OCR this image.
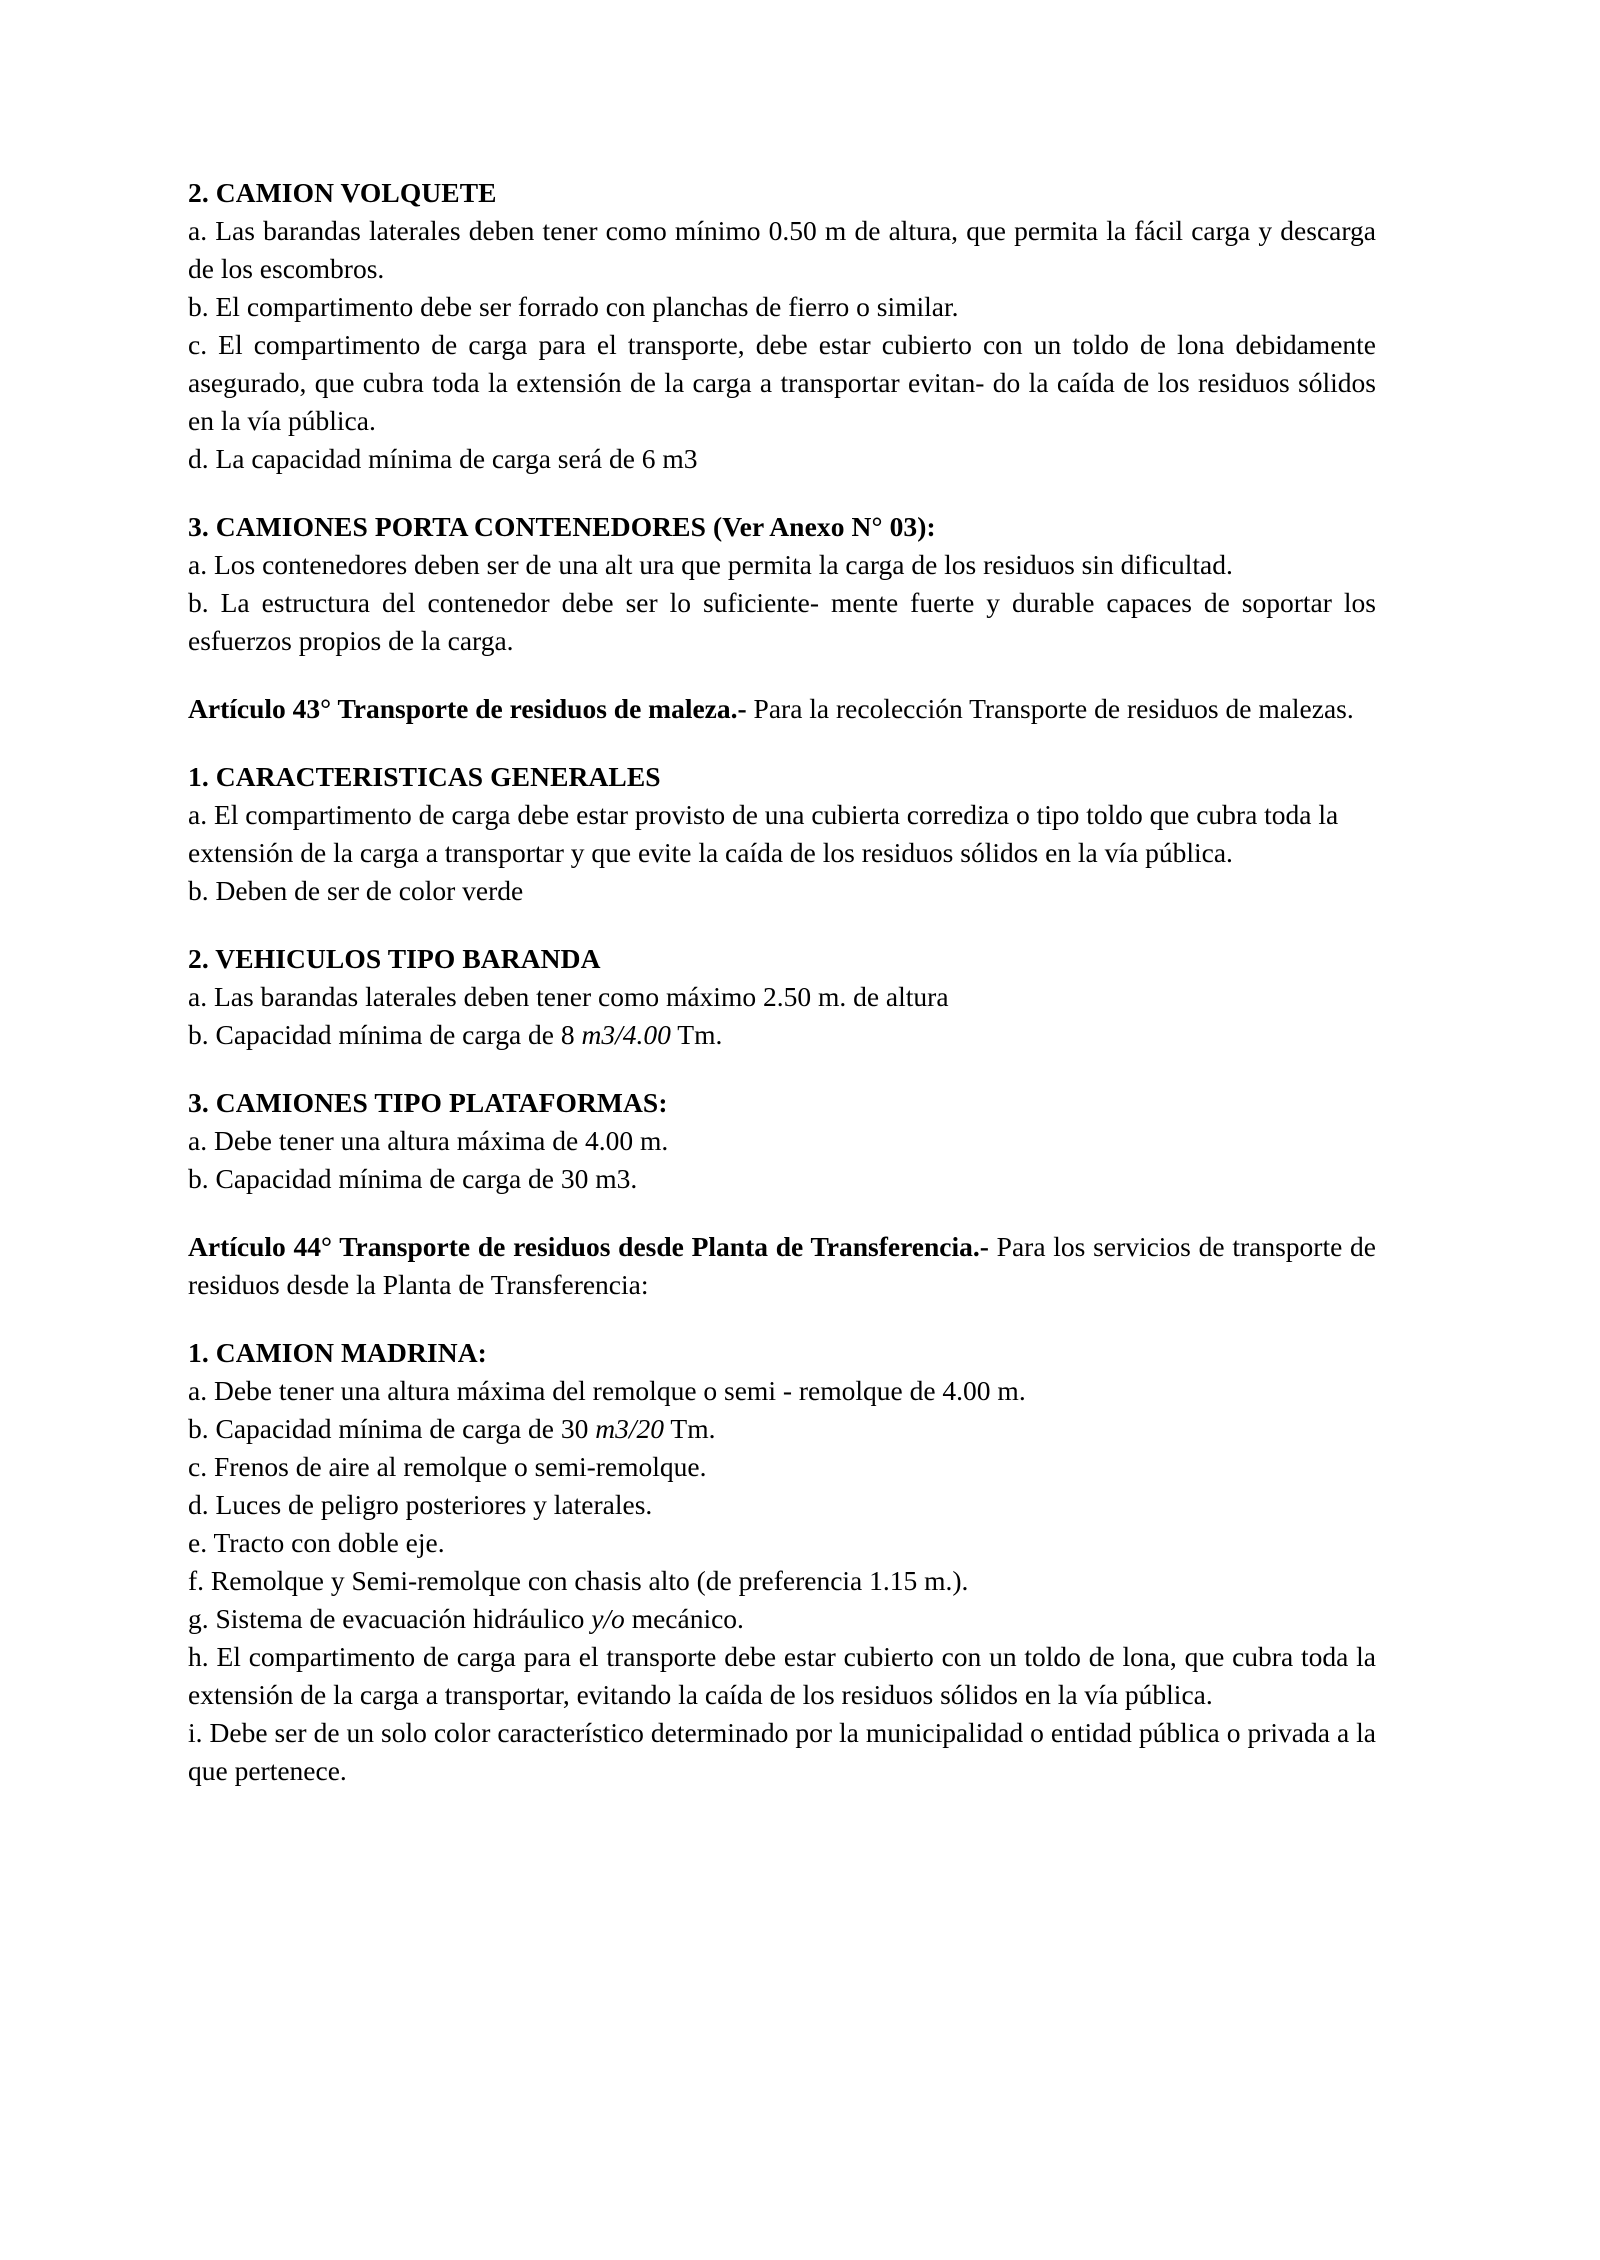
2. CAMION VOLQUETE
a. Las barandas laterales deben tener como mínimo 0.50 m de altura, que permita la fácil carga y descarga de los escombros.
b. El compartimento debe ser forrado con planchas de fierro o similar.
c. El compartimento de carga para el transporte, debe estar cubierto con un toldo de lona debidamente asegurado, que cubra toda la extensión de la carga a transportar evitan- do la caída de los residuos sólidos en la vía pública.
d. La capacidad mínima de carga será de 6 m3
3. CAMIONES PORTA CONTENEDORES (Ver Anexo N° 03):
a. Los contenedores deben ser de una alt ura que permita la carga de los residuos sin dificultad.
b. La estructura del contenedor debe ser lo suficiente- mente fuerte y durable capaces de soportar los esfuerzos propios de la carga.
Artículo 43° Transporte de residuos de maleza.- Para la recolección Transporte de residuos de malezas.
1. CARACTERISTICAS GENERALES
a. El compartimento de carga debe estar provisto de una cubierta corrediza o tipo toldo que cubra toda la extensión de la carga a transportar y que evite la caída de los residuos sólidos en la vía pública.
b. Deben de ser de color verde
2. VEHICULOS TIPO BARANDA
a. Las barandas laterales deben tener como máximo 2.50 m. de altura
b. Capacidad mínima de carga de 8 m3/4.00 Tm.
3. CAMIONES TIPO PLATAFORMAS:
a. Debe tener una altura máxima de 4.00 m.
b. Capacidad mínima de carga de 30 m3.
Artículo 44° Transporte de residuos desde Planta de Transferencia.- Para los servicios de transporte de residuos desde la Planta de Transferencia:
1. CAMION MADRINA:
a. Debe tener una altura máxima del remolque o semi - remolque de 4.00 m.
b. Capacidad mínima de carga de 30 m3/20 Tm.
c. Frenos de aire al remolque o semi-remolque.
d. Luces de peligro posteriores y laterales.
e. Tracto con doble eje.
f. Remolque y Semi-remolque con chasis alto (de preferencia 1.15 m.).
g. Sistema de evacuación hidráulico y/o mecánico.
h. El compartimento de carga para el transporte debe estar cubierto con un toldo de lona, que cubra toda la extensión de la carga a transportar, evitando la caída de los residuos sólidos en la vía pública.
i. Debe ser de un solo color característico determinado por la municipalidad o entidad pública o privada a la que pertenece.
